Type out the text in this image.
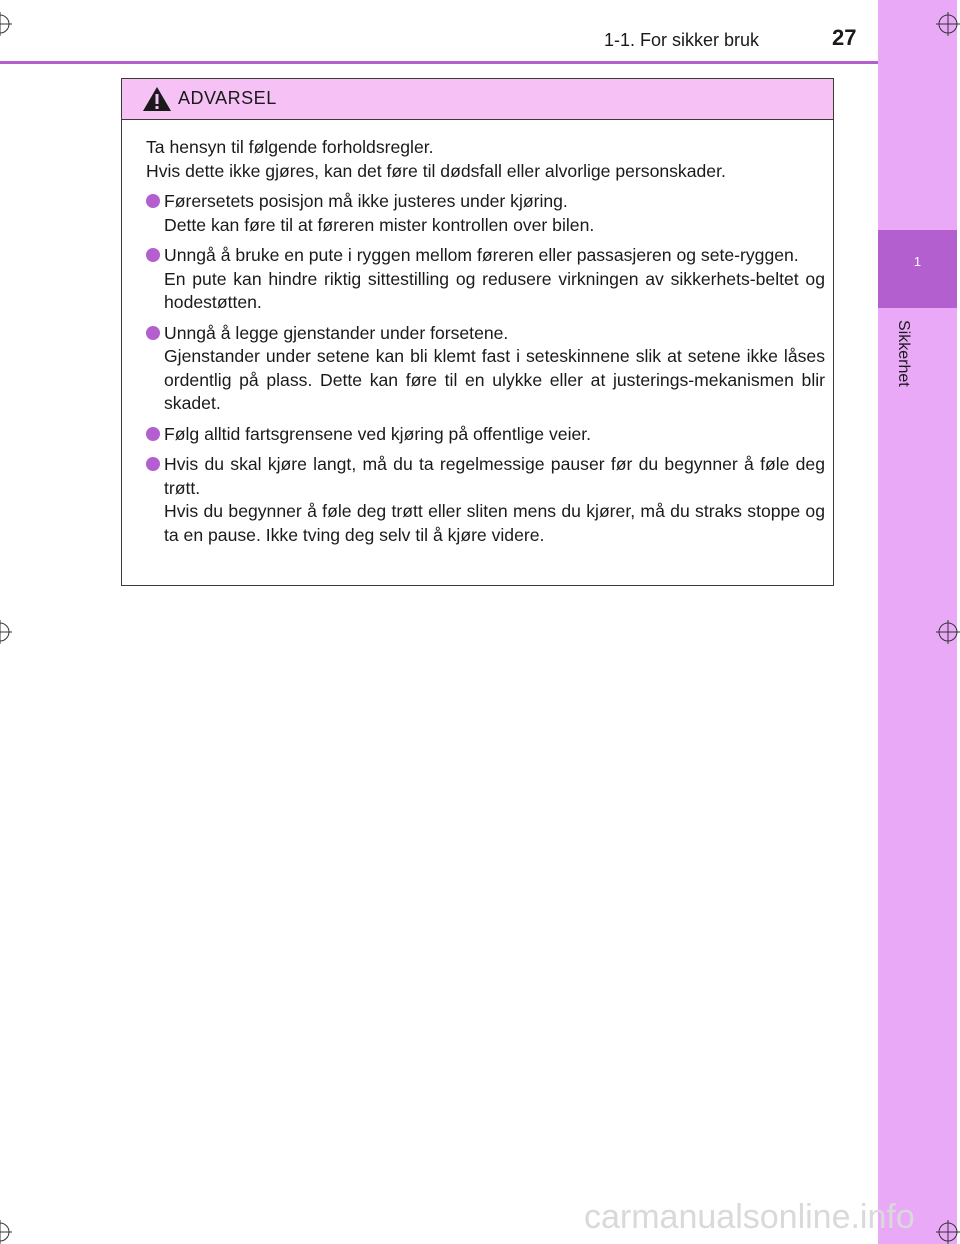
1
Sikkerhet
1-1. For sikker bruk	27
ADVARSEL

Ta hensyn til følgende forholdsregler.

Hvis dette ikke gjøres, kan det føre til dødsfall eller alvorlige personskader.

Førersetets posisjon må ikke justeres under kjøring.

Dette kan føre til at føreren mister kontrollen over bilen.

Unngå å bruke en pute i ryggen mellom føreren eller passasjeren og sete-ryggen.

En pute kan hindre riktig sittestilling og redusere virkningen av sikkerhets-beltet og hodestøtten.

Unngå å legge gjenstander under forsetene.

Gjenstander under setene kan bli klemt fast i seteskinnene slik at setene ikke låses ordentlig på plass. Dette kan føre til en ulykke eller at justerings-mekanismen blir skadet.

Følg alltid fartsgrensene ved kjøring på offentlige veier.

Hvis du skal kjøre langt, må du ta regelmessige pauser før du begynner å føle deg trøtt.

Hvis du begynner å føle deg trøtt eller sliten mens du kjører, må du straks stoppe og ta en pause. Ikke tving deg selv til å kjøre videre.

carmanualsonline.info
